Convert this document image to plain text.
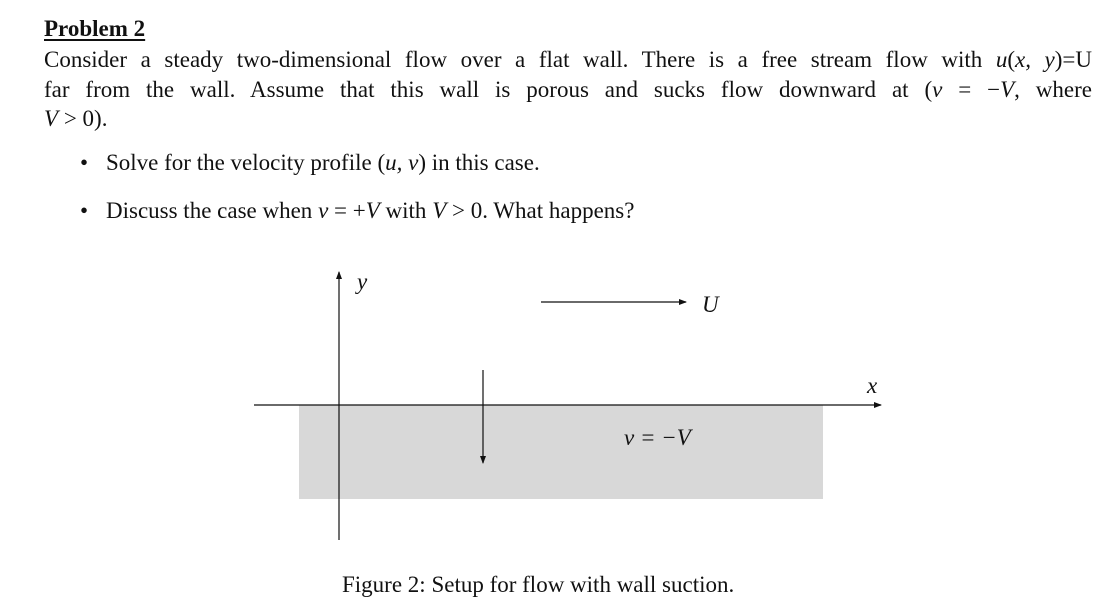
Problem 2
Consider a steady two-dimensional flow over a flat wall. There is a free stream flow with u(x, y)=U
far from the wall. Assume that this wall is porous and sucks flow downward at (v = −V, where
V > 0).
• Solve for the velocity profile (u, v) in this case.
• Discuss the case when v = +V with V > 0. What happens?
y
x
U
v = −V
Figure 2: Setup for flow with wall suction.
